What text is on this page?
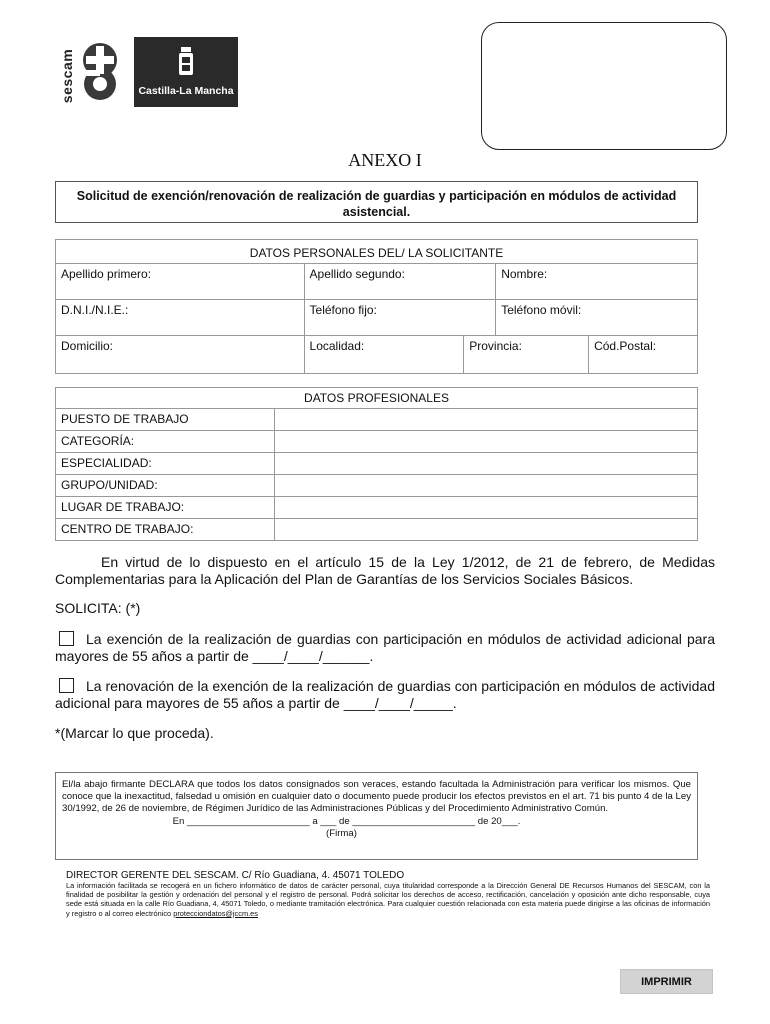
sescam	Castilla-La Mancha
ANEXO I
Solicitud de exención/renovación de realización de guardias y participación en módulos de actividad asistencial.
DATOS PERSONALES DEL/ LA SOLICITANTE				
Apellido primero:	Apellido segundo:		Nombre:	
D.N.I./N.I.E.:	Teléfono fijo:		Teléfono móvil:	
Domicilio:	Localidad:	Provincia:		Cód.Postal:
DATOS PROFESIONALES	
PUESTO DE TRABAJO	
CATEGORÍA:	
ESPECIALIDAD:	
GRUPO/UNIDAD:	
LUGAR DE TRABAJO:	
CENTRO DE TRABAJO:	
En virtud de lo dispuesto en el artículo 15 de la Ley 1/2012, de 21 de febrero, de Medidas Complementarias para la Aplicación del Plan de Garantías de los Servicios Sociales Básicos.
SOLICITA: (*)
La exención de la realización de guardias con participación en módulos de actividad adicional para mayores de 55 años a partir de ____/____/______.
La renovación de la exención de la realización de guardias con participación en módulos de actividad adicional para mayores de 55 años a partir de ____/____/_____.
*(Marcar lo que proceda).
El/la abajo firmante DECLARA que todos los datos consignados son veraces, estando facultada la Administración para verificar los mismos. Que conoce que la inexactitud, falsedad u omisión en cualquier dato o documento puede producir los efectos previstos en el art. 71 bis punto 4 de la Ley 30/1992, de 26 de noviembre, de Régimen Jurídico de las Administraciones Públicas y del Procedimiento Administrativo Común.
En _______________________ a ___ de _______________________ de 20___.
(Firma)
DIRECTOR GERENTE DEL SESCAM. C/ Río Guadiana, 4. 45071 TOLEDO
La información facilitada se recogerá en un fichero informático de datos de carácter personal, cuya titularidad corresponde a la Dirección General DE Recursos Humanos del SESCAM, con la finalidad de posibilitar la gestión y ordenación del personal y el registro de personal. Podrá solicitar los derechos de acceso, rectificación, cancelación y oposición ante dicho responsable, cuya sede está situada en la calle Río Guadiana, 4, 45071 Toledo, o mediante tramitación electrónica. Para cualquier cuestión relacionada con esta materia puede dirigirse a las oficinas de información y registro o al correo electrónico protecciondatos@jccm.es
IMPRIMIR
